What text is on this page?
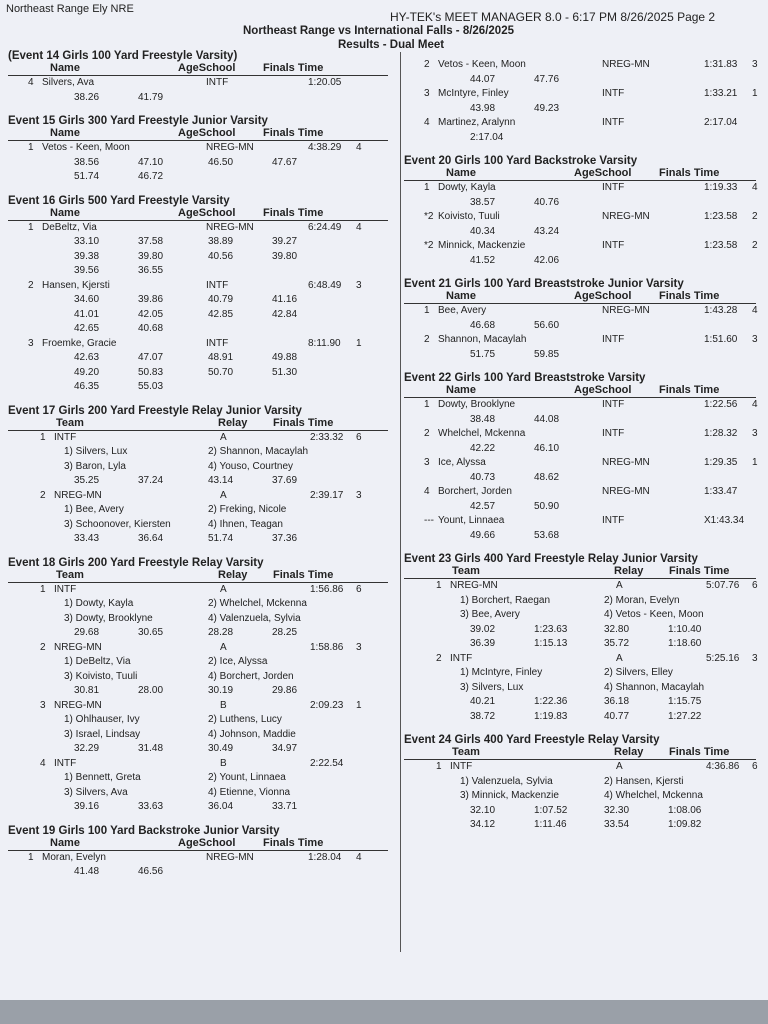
Northeast Range Ely NRE
HY-TEK's MEET MANAGER 8.0 - 6:17 PM 8/26/2025 Page 2
Northeast Range vs International Falls - 8/26/2025
Results - Dual Meet
(Event 14 Girls 100 Yard Freestyle Varsity)
Name	AgeSchool	Finals Time
4 Silvers, Ava	INTF	1:20.05
38.26	41.79
Event 15 Girls 300 Yard Freestyle Junior Varsity
Name	AgeSchool	Finals Time
1 Vetos - Keen, Moon	NREG-MN	4:38.29 4
38.56	47.10	46.50	47.67
51.74	46.72
Event 16 Girls 500 Yard Freestyle Varsity
Name	AgeSchool	Finals Time
1 DeBeltz, Via	NREG-MN	6:24.49 4
33.10	37.58	38.89	39.27
39.38	39.80	40.56	39.80
39.56	36.55
2 Hansen, Kjersti	INTF	6:48.49 3
34.60	39.86	40.79	41.16
41.01	42.05	42.85	42.84
42.65	40.68
3 Froemke, Gracie	INTF	8:11.90 1
42.63	47.07	48.91	49.88
49.20	50.83	50.70	51.30
46.35	55.03
Event 17 Girls 200 Yard Freestyle Relay Junior Varsity
Team	Relay Finals Time
1 INTF	A	2:33.32 6
1) Silvers, Lux	2) Shannon, Macaylah
3) Baron, Lyla	4) Youso, Courtney
35.25	37.24	43.14	37.69
2 NREG-MN	A	2:39.17 3
1) Bee, Avery	2) Freking, Nicole
3) Schoonover, Kiersten	4) Ihnen, Teagan
33.43	36.64	51.74	37.36
Event 18 Girls 200 Yard Freestyle Relay Varsity
Team	Relay Finals Time
1 INTF	A	1:56.86 6
1) Dowty, Kayla	2) Whelchel, Mckenna
3) Dowty, Brooklyne	4) Valenzuela, Sylvia
29.68	30.65	28.28	28.25
2 NREG-MN	A	1:58.86 3
1) DeBeltz, Via	2) Ice, Alyssa
3) Koivisto, Tuuli	4) Borchert, Jorden
30.81	28.00	30.19	29.86
3 NREG-MN	B	2:09.23 1
1) Ohlhauser, Ivy	2) Luthens, Lucy
3) Israel, Lindsay	4) Johnson, Maddie
32.29	31.48	30.49	34.97
4 INTF	B	2:22.54
1) Bennett, Greta	2) Yount, Linnaea
3) Silvers, Ava	4) Etienne, Vionna
39.16	33.63	36.04	33.71
Event 19 Girls 100 Yard Backstroke Junior Varsity
Name	AgeSchool	Finals Time
1 Moran, Evelyn	NREG-MN	1:28.04 4
41.48	46.56
2 Vetos - Keen, Moon	NREG-MN	1:31.83 3
44.07	47.76
3 McIntyre, Finley	INTF	1:33.21 1
43.98	49.23
4 Martinez, Aralynn	INTF	2:17.04
2:17.04
Event 20 Girls 100 Yard Backstroke Varsity
Name	AgeSchool	Finals Time
1 Dowty, Kayla	INTF	1:19.33 4
38.57	40.76
*2 Koivisto, Tuuli	NREG-MN	1:23.58 2
40.34	43.24
*2 Minnick, Mackenzie	INTF	1:23.58 2
41.52	42.06
Event 21 Girls 100 Yard Breaststroke Junior Varsity
Name	AgeSchool	Finals Time
1 Bee, Avery	NREG-MN	1:43.28 4
46.68	56.60
2 Shannon, Macaylah	INTF	1:51.60 3
51.75	59.85
Event 22 Girls 100 Yard Breaststroke Varsity
Name	AgeSchool	Finals Time
1 Dowty, Brooklyne	INTF	1:22.56 4
38.48	44.08
2 Whelchel, Mckenna	INTF	1:28.32 3
42.22	46.10
3 Ice, Alyssa	NREG-MN	1:29.35 1
40.73	48.62
4 Borchert, Jorden	NREG-MN	1:33.47
42.57	50.90
--- Yount, Linnaea	INTF	X1:43.34
49.66	53.68
Event 23 Girls 400 Yard Freestyle Relay Junior Varsity
Team	Relay Finals Time
1 NREG-MN	A	5:07.76 6
1) Borchert, Raegan	2) Moran, Evelyn
3) Bee, Avery	4) Vetos - Keen, Moon
39.02	1:23.63	32.80	1:10.40
36.39	1:15.13	35.72	1:18.60
2 INTF	A	5:25.16 3
1) McIntyre, Finley	2) Silvers, Elley
3) Silvers, Lux	4) Shannon, Macaylah
40.21	1:22.36	36.18	1:15.75
38.72	1:19.83	40.77	1:27.22
Event 24 Girls 400 Yard Freestyle Relay Varsity
Team	Relay Finals Time
1 INTF	A	4:36.86 6
1) Valenzuela, Sylvia	2) Hansen, Kjersti
3) Minnick, Mackenzie	4) Whelchel, Mckenna
32.10	1:07.52	32.30	1:08.06
34.12	1:11.46	33.54	1:09.82
